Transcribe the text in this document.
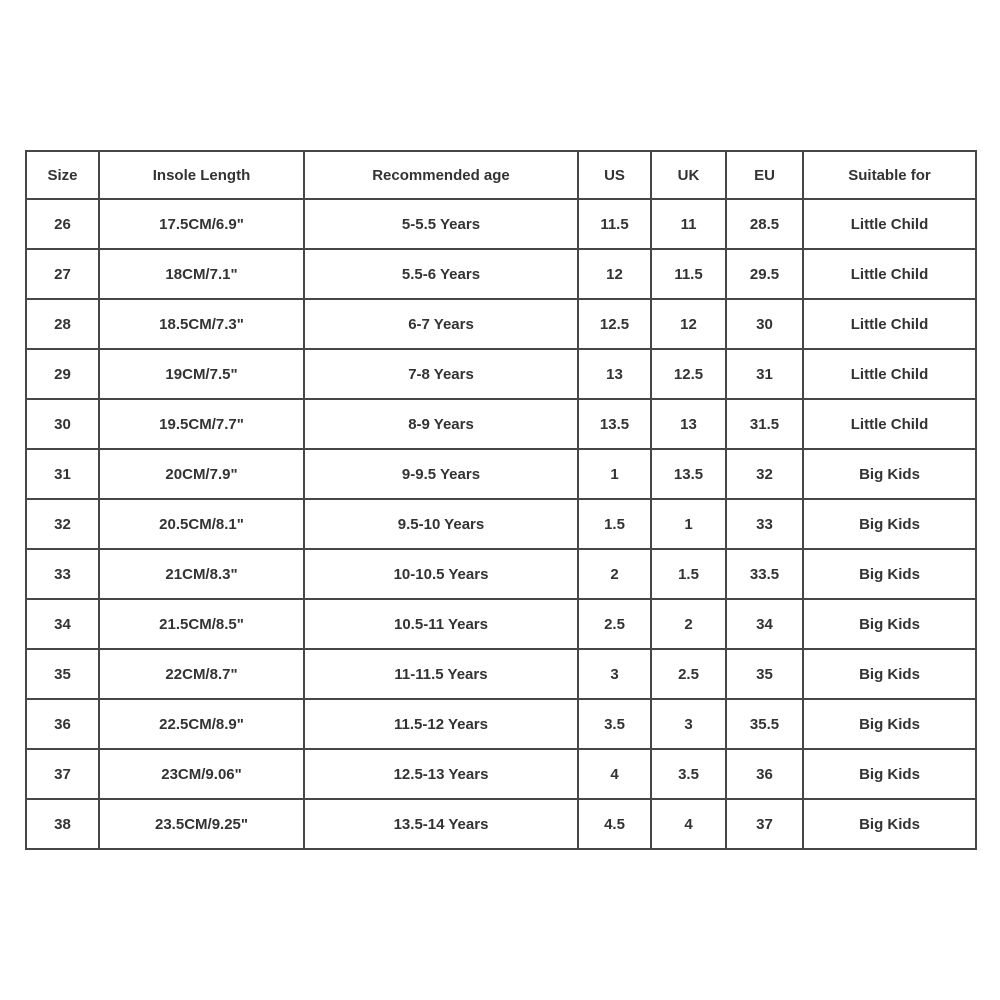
Size	Insole Length	Recommended age	US	UK	EU	Suitable for
26	17.5CM/6.9"	5-5.5 Years	11.5	11	28.5	Little Child
27	18CM/7.1"	5.5-6 Years	12	11.5	29.5	Little Child
28	18.5CM/7.3"	6-7 Years	12.5	12	30	Little Child
29	19CM/7.5"	7-8 Years	13	12.5	31	Little Child
30	19.5CM/7.7"	8-9 Years	13.5	13	31.5	Little Child
31	20CM/7.9"	9-9.5 Years	1	13.5	32	Big Kids
32	20.5CM/8.1"	9.5-10 Years	1.5	1	33	Big Kids
33	21CM/8.3"	10-10.5 Years	2	1.5	33.5	Big Kids
34	21.5CM/8.5"	10.5-11 Years	2.5	2	34	Big Kids
35	22CM/8.7"	11-11.5 Years	3	2.5	35	Big Kids
36	22.5CM/8.9"	11.5-12 Years	3.5	3	35.5	Big Kids
37	23CM/9.06"	12.5-13 Years	4	3.5	36	Big Kids
38	23.5CM/9.25"	13.5-14 Years	4.5	4	37	Big Kids
